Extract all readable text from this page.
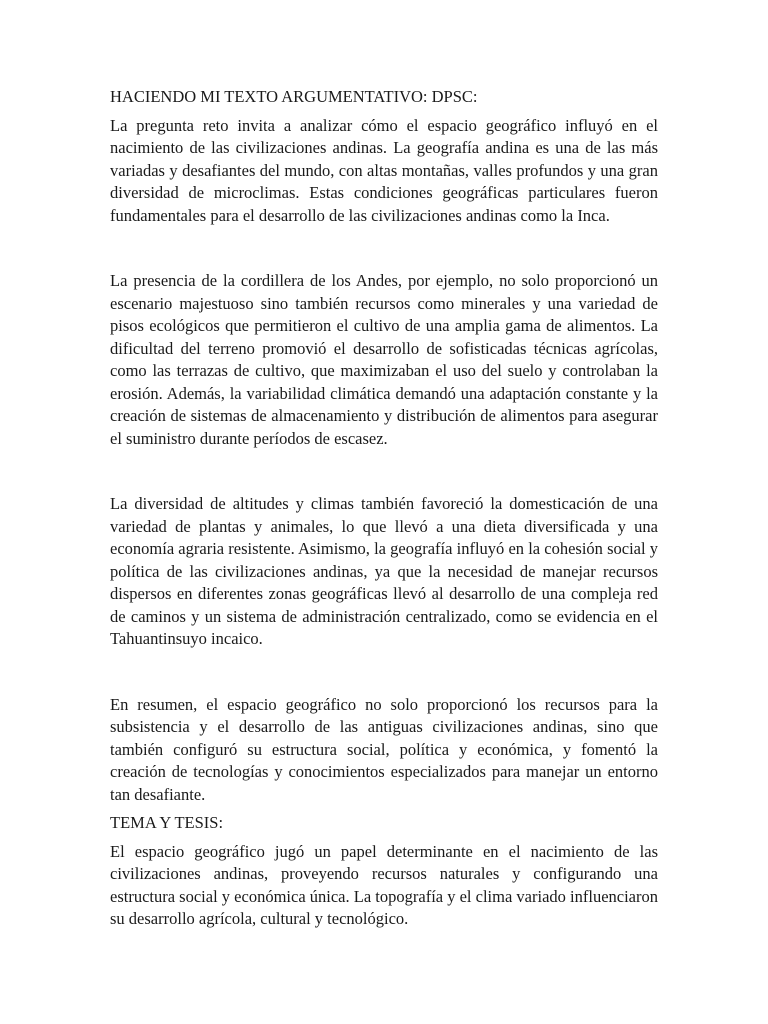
HACIENDO MI TEXTO ARGUMENTATIVO: DPSC:

La pregunta reto invita a analizar cómo el espacio geográfico influyó en el nacimiento de las civilizaciones andinas. La geografía andina es una de las más variadas y desafiantes del mundo, con altas montañas, valles profundos y una gran diversidad de microclimas. Estas condiciones geográficas particulares fueron fundamentales para el desarrollo de las civilizaciones andinas como la Inca.

La presencia de la cordillera de los Andes, por ejemplo, no solo proporcionó un escenario majestuoso sino también recursos como minerales y una variedad de pisos ecológicos que permitieron el cultivo de una amplia gama de alimentos. La dificultad del terreno promovió el desarrollo de sofisticadas técnicas agrícolas, como las terrazas de cultivo, que maximizaban el uso del suelo y controlaban la erosión. Además, la variabilidad climática demandó una adaptación constante y la creación de sistemas de almacenamiento y distribución de alimentos para asegurar el suministro durante períodos de escasez.

La diversidad de altitudes y climas también favoreció la domesticación de una variedad de plantas y animales, lo que llevó a una dieta diversificada y una economía agraria resistente. Asimismo, la geografía influyó en la cohesión social y política de las civilizaciones andinas, ya que la necesidad de manejar recursos dispersos en diferentes zonas geográficas llevó al desarrollo de una compleja red de caminos y un sistema de administración centralizado, como se evidencia en el Tahuantinsuyo incaico.

En resumen, el espacio geográfico no solo proporcionó los recursos para la subsistencia y el desarrollo de las antiguas civilizaciones andinas, sino que también configuró su estructura social, política y económica, y fomentó la creación de tecnologías y conocimientos especializados para manejar un entorno tan desafiante.

TEMA Y TESIS:

El espacio geográfico jugó un papel determinante en el nacimiento de las civilizaciones andinas, proveyendo recursos naturales y configurando una estructura social y económica única. La topografía y el clima variado influenciaron su desarrollo agrícola, cultural y tecnológico.
